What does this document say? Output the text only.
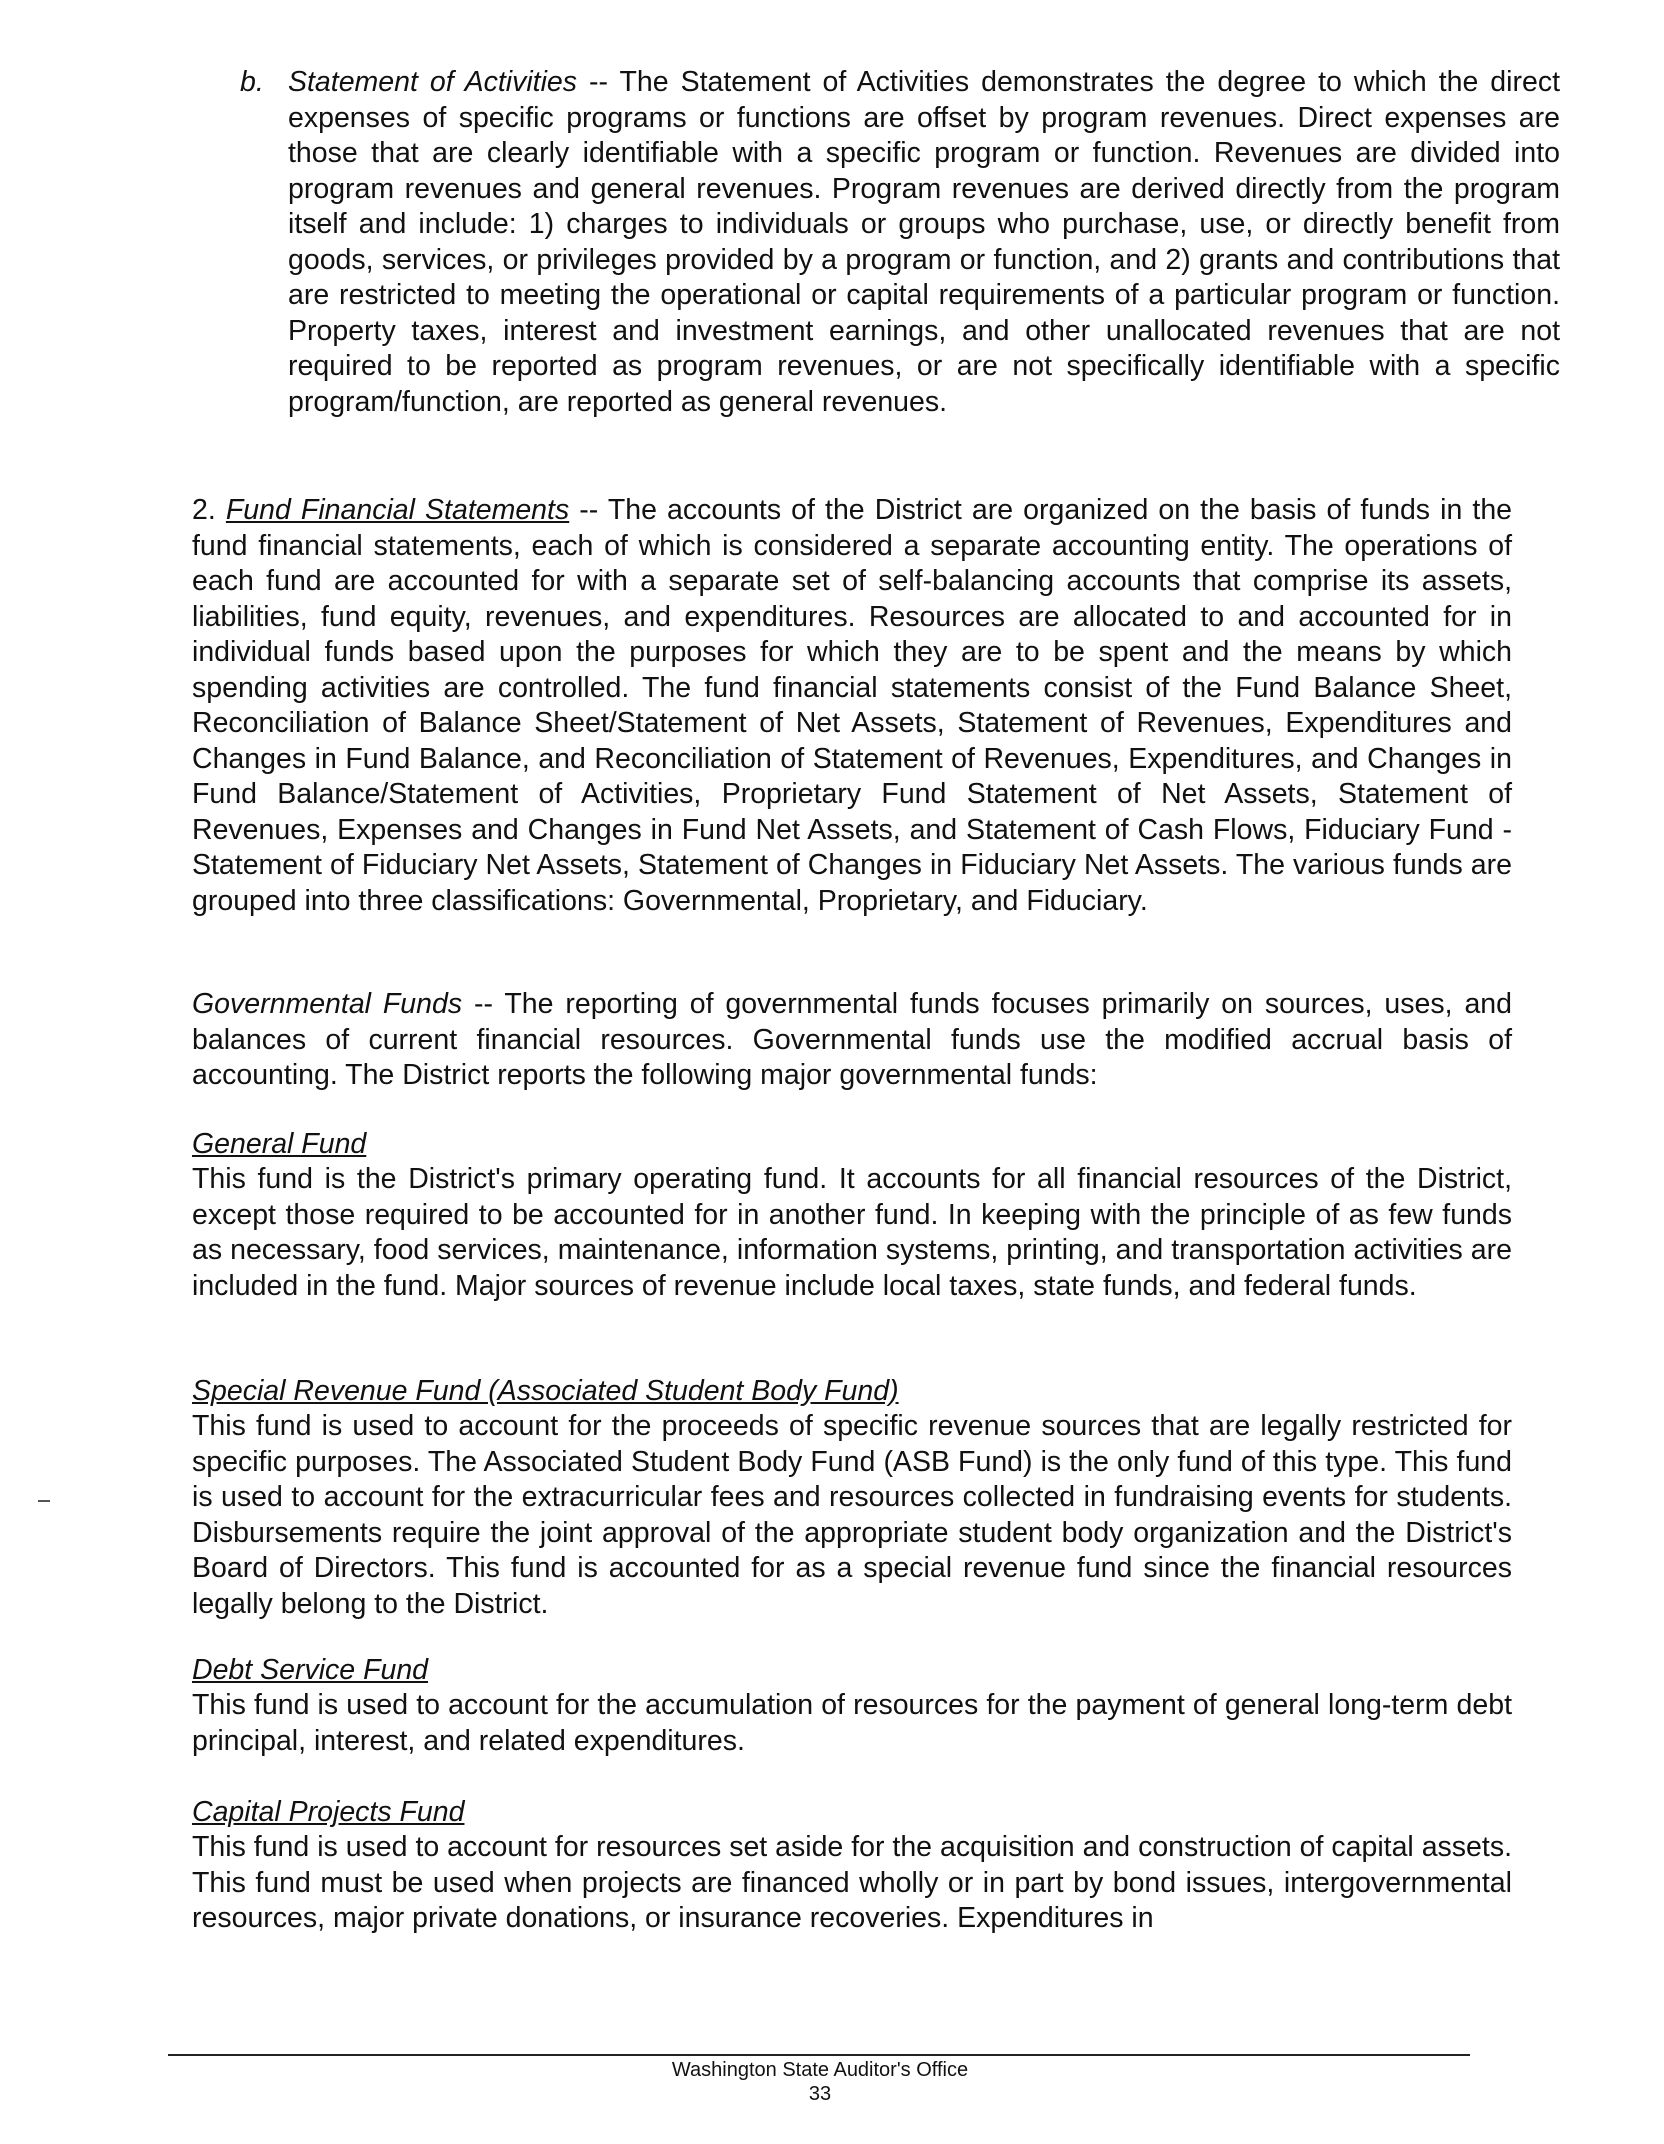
b. Statement of Activities -- The Statement of Activities demonstrates the degree to which the direct expenses of specific programs or functions are offset by program revenues. Direct expenses are those that are clearly identifiable with a specific program or function. Revenues are divided into program revenues and general revenues. Program revenues are derived directly from the program itself and include: 1) charges to individuals or groups who purchase, use, or directly benefit from goods, services, or privileges provided by a program or function, and 2) grants and contributions that are restricted to meeting the operational or capital requirements of a particular program or function. Property taxes, interest and investment earnings, and other unallocated revenues that are not required to be reported as program revenues, or are not specifically identifiable with a specific program/function, are reported as general revenues.

2. Fund Financial Statements -- The accounts of the District are organized on the basis of funds in the fund financial statements, each of which is considered a separate accounting entity. The operations of each fund are accounted for with a separate set of self-balancing accounts that comprise its assets, liabilities, fund equity, revenues, and expenditures. Resources are allocated to and accounted for in individual funds based upon the purposes for which they are to be spent and the means by which spending activities are controlled. The fund financial statements consist of the Fund Balance Sheet, Reconciliation of Balance Sheet/Statement of Net Assets, Statement of Revenues, Expenditures and Changes in Fund Balance, and Reconciliation of Statement of Revenues, Expenditures, and Changes in Fund Balance/Statement of Activities, Proprietary Fund Statement of Net Assets, Statement of Revenues, Expenses and Changes in Fund Net Assets, and Statement of Cash Flows, Fiduciary Fund - Statement of Fiduciary Net Assets, Statement of Changes in Fiduciary Net Assets. The various funds are grouped into three classifications: Governmental, Proprietary, and Fiduciary.

Governmental Funds -- The reporting of governmental funds focuses primarily on sources, uses, and balances of current financial resources. Governmental funds use the modified accrual basis of accounting. The District reports the following major governmental funds:

General Fund

This fund is the District's primary operating fund. It accounts for all financial resources of the District, except those required to be accounted for in another fund. In keeping with the principle of as few funds as necessary, food services, maintenance, information systems, printing, and transportation activities are included in the fund. Major sources of revenue include local taxes, state funds, and federal funds.

Special Revenue Fund (Associated Student Body Fund)

This fund is used to account for the proceeds of specific revenue sources that are legally restricted for specific purposes. The Associated Student Body Fund (ASB Fund) is the only fund of this type. This fund is used to account for the extracurricular fees and resources collected in fundraising events for students. Disbursements require the joint approval of the appropriate student body organization and the District's Board of Directors. This fund is accounted for as a special revenue fund since the financial resources legally belong to the District.

Debt Service Fund

This fund is used to account for the accumulation of resources for the payment of general long-term debt principal, interest, and related expenditures.

Capital Projects Fund

This fund is used to account for resources set aside for the acquisition and construction of capital assets. This fund must be used when projects are financed wholly or in part by bond issues, intergovernmental resources, major private donations, or insurance recoveries. Expenditures in

Washington State Auditor's Office
33
